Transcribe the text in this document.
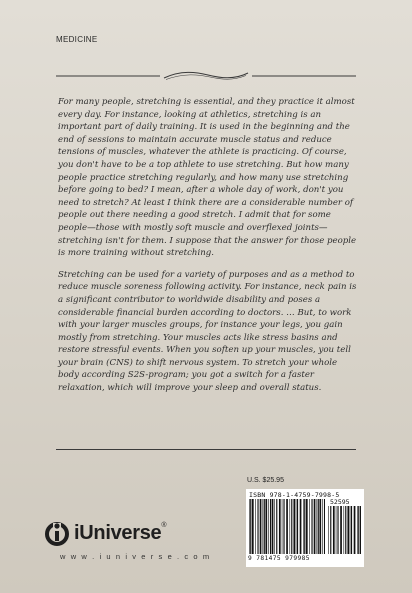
MEDICINE

For many people, stretching is essential, and they practice it almost every day. For instance, looking at athletics, stretching is an important part of daily training. It is used in the beginning and the end of sessions to maintain accurate muscle status and reduce tensions of muscles, whatever the athlete is practicing. Of course, you don't have to be a top athlete to use stretching. But how many people practice stretching regularly, and how many use stretching before going to bed? I mean, after a whole day of work, don't you need to stretch? At least I think there are a considerable number of people out there needing a good stretch. I admit that for some people—those with mostly soft muscle and overflexed joints—stretching isn't for them. I suppose that the answer for those people is more training without stretching.

Stretching can be used for a variety of purposes and as a method to reduce muscle soreness following activity. For instance, neck pain is a significant contributor to worldwide disability and poses a considerable financial burden according to doctors. … But, to work with your larger muscles groups, for instance your legs, you gain mostly from stretching. Your muscles acts like stress basins and restore stressful events. When you soften up your muscles, you tell your brain (CNS) to shift nervous system. To stretch your whole body according S2S-program; you got a switch for a faster relaxation, which will improve your sleep and overall status.

iUniverse®
w w w . i u n i v e r s e . c o m
U.S. $25.95
ISBN 978-1-4759-7998-5
52595
9 781475 979985
